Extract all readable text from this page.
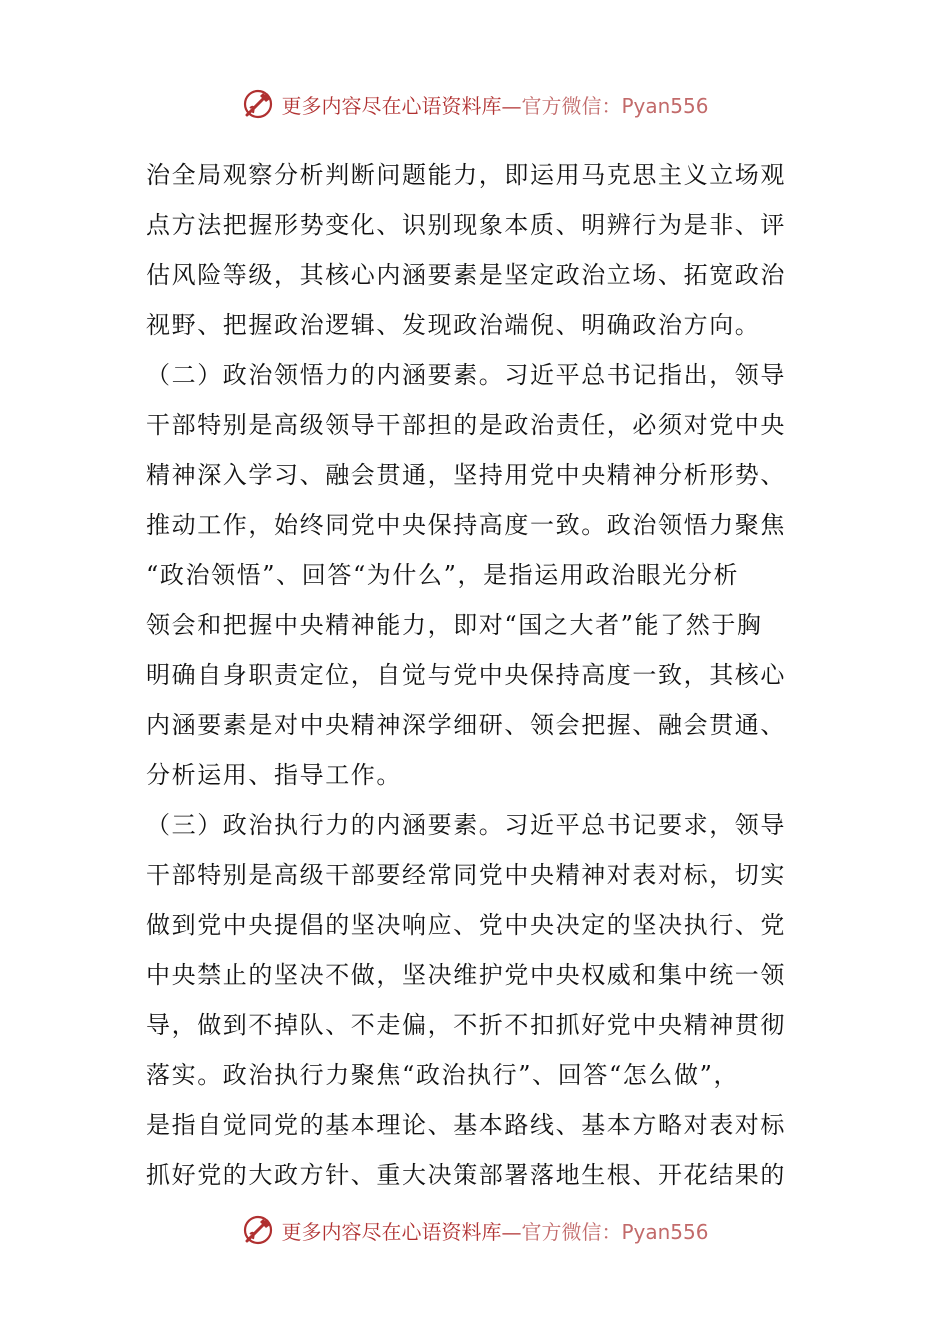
更多内容尽在心语资料库—官方微信：Pyan556
治全局观察分析判断问题能力，即运用马克思主义立场观
点方法把握形势变化、识别现象本质、明辨行为是非、评
估风险等级，其核心内涵要素是坚定政治立场、拓宽政治
视野、把握政治逻辑、发现政治端倪、明确政治方向。
（二）政治领悟力的内涵要素。习近平总书记指出，领导
干部特别是高级领导干部担的是政治责任，必须对党中央
精神深入学习、融会贯通，坚持用党中央精神分析形势、
推动工作，始终同党中央保持高度一致。政治领悟力聚焦
“政治领悟”、回答“为什么”，是指运用政治眼光分析
领会和把握中央精神能力，即对“国之大者”能了然于胸
明确自身职责定位，自觉与党中央保持高度一致，其核心
内涵要素是对中央精神深学细研、领会把握、融会贯通、
分析运用、指导工作。
（三）政治执行力的内涵要素。习近平总书记要求，领导
干部特别是高级干部要经常同党中央精神对表对标，切实
做到党中央提倡的坚决响应、党中央决定的坚决执行、党
中央禁止的坚决不做，坚决维护党中央权威和集中统一领
导，做到不掉队、不走偏，不折不扣抓好党中央精神贯彻
落实。政治执行力聚焦“政治执行”、回答“怎么做”，
是指自觉同党的基本理论、基本路线、基本方略对表对标
抓好党的大政方针、重大决策部署落地生根、开花结果的
更多内容尽在心语资料库—官方微信：Pyan556
